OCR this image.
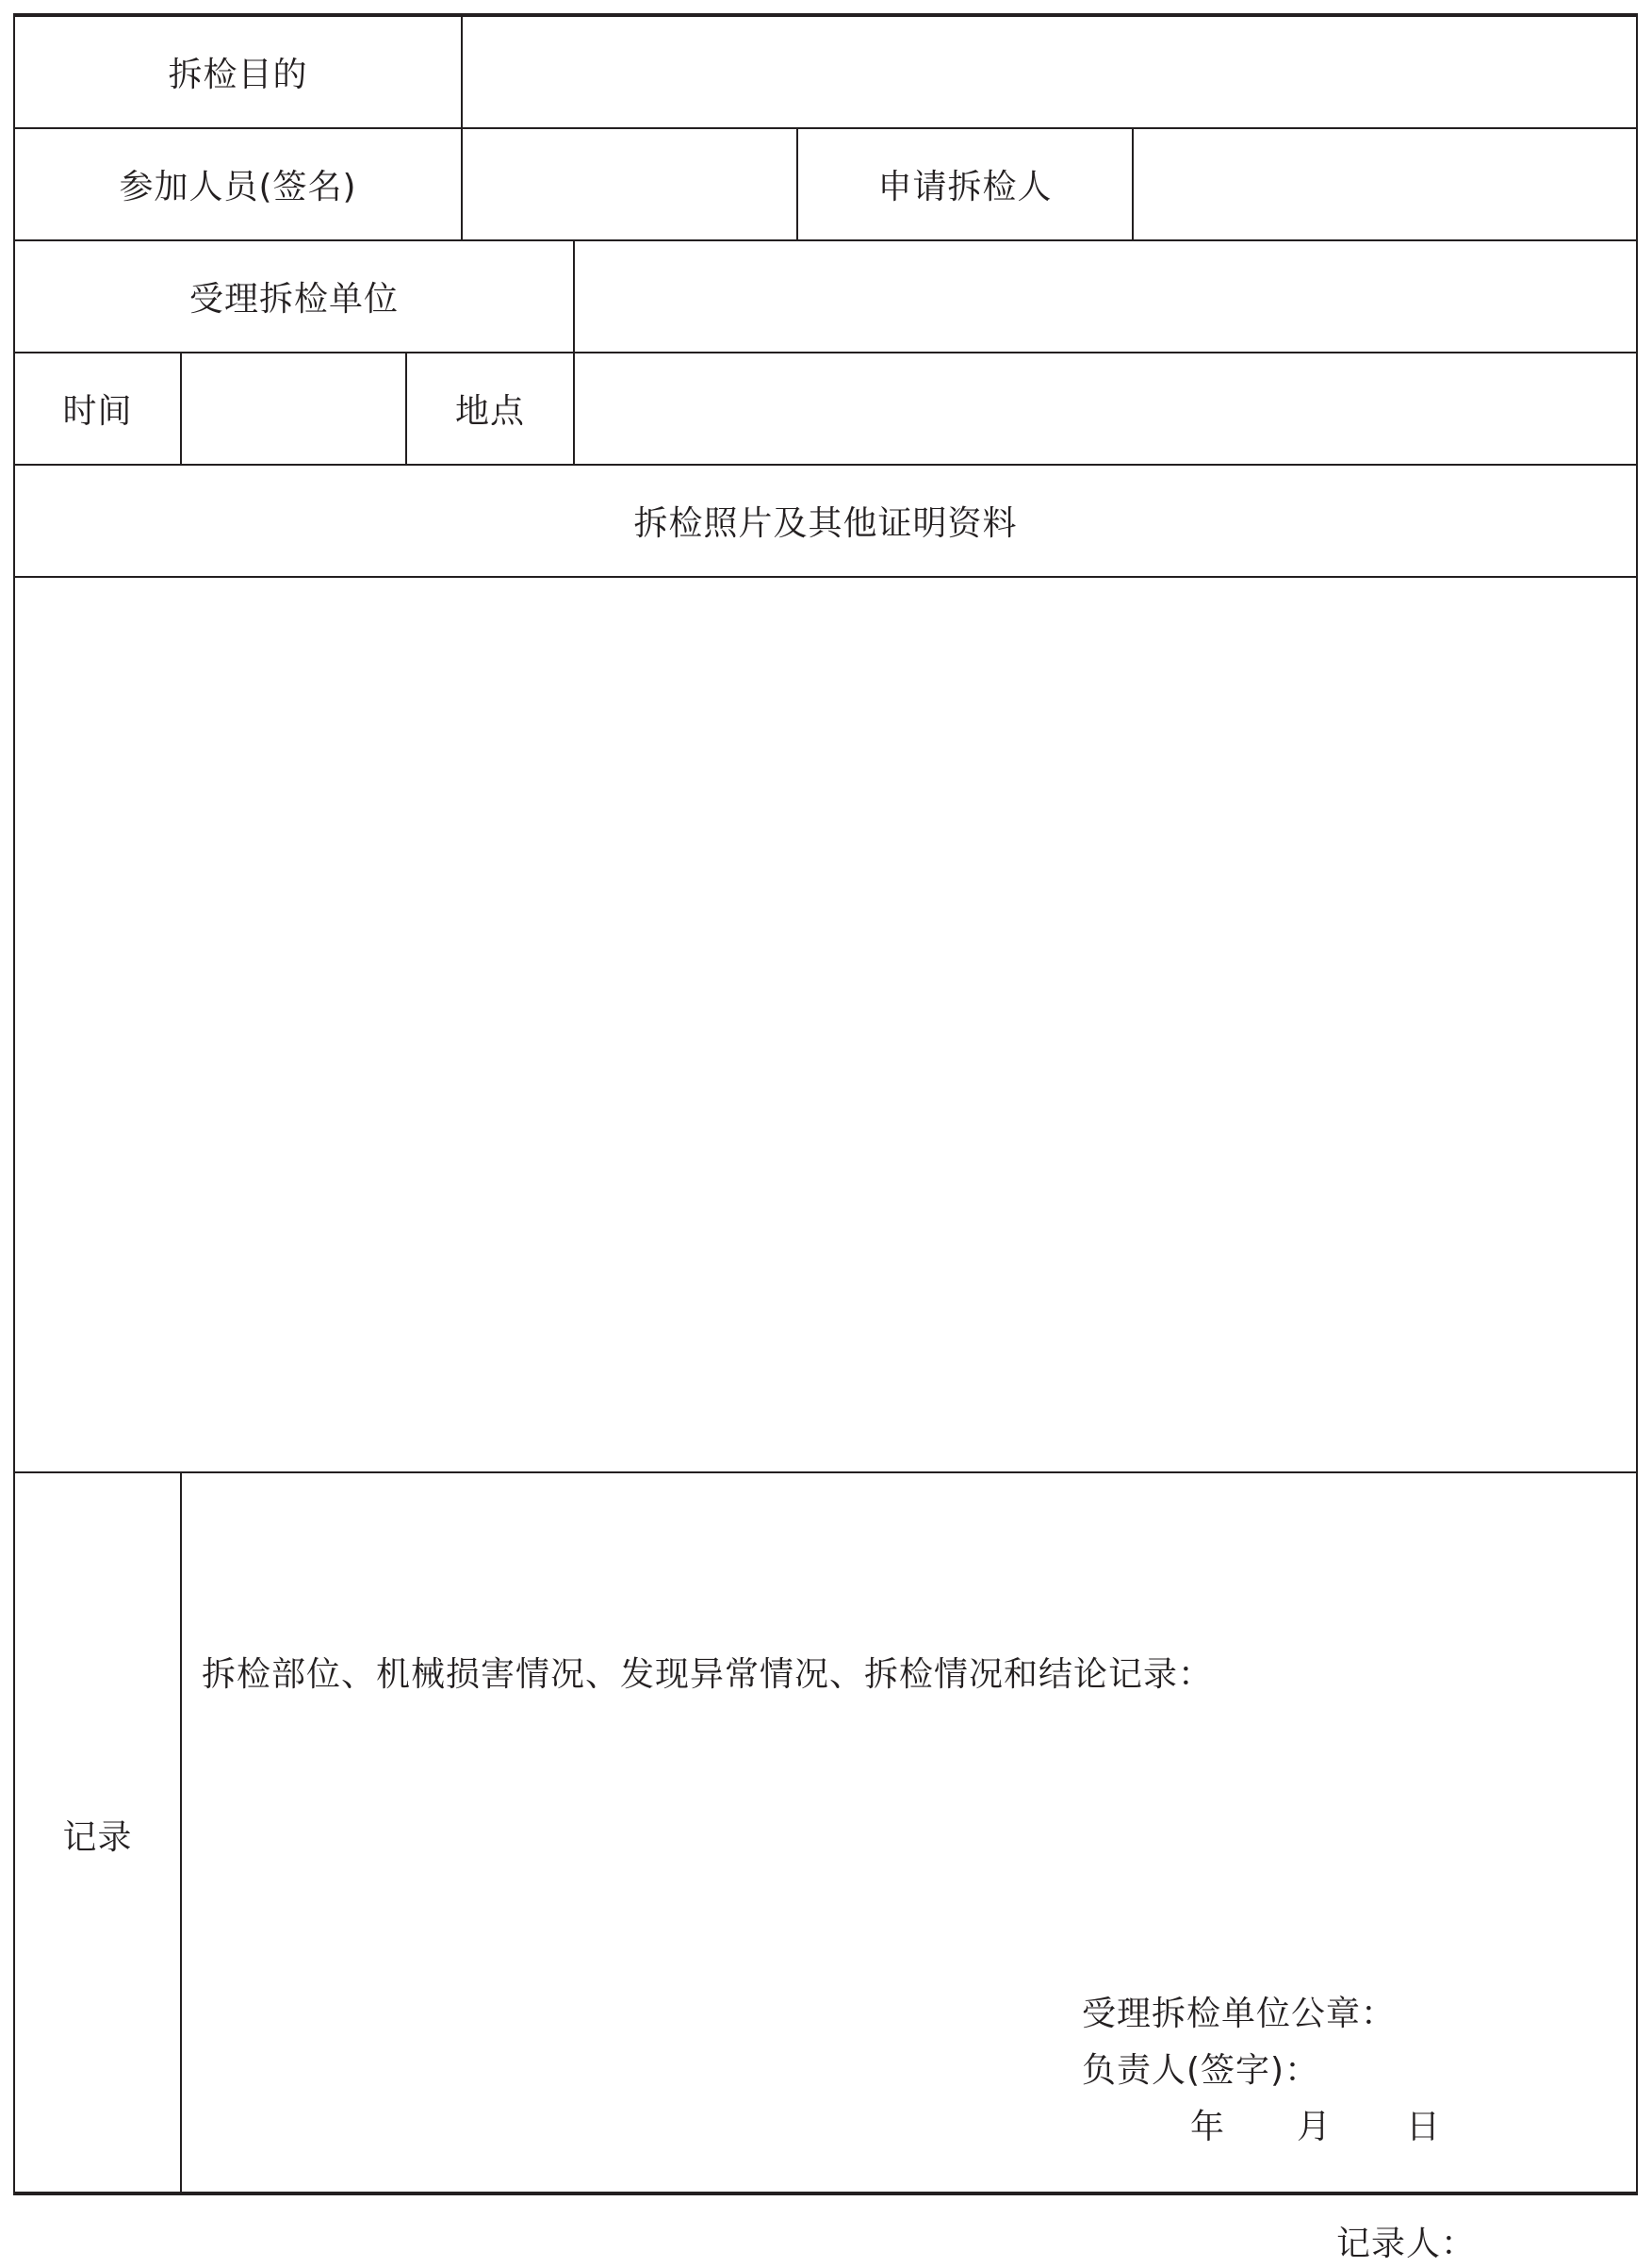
拆检目的
参加人员(签名)	申请拆检人
受理拆检单位
时间	地点
拆检照片及其他证明资料
记录
拆检部位、机械损害情况、发现异常情况、拆检情况和结论记录：
受理拆检单位公章：
负责人(签字)：
年 月 日
记录人：
